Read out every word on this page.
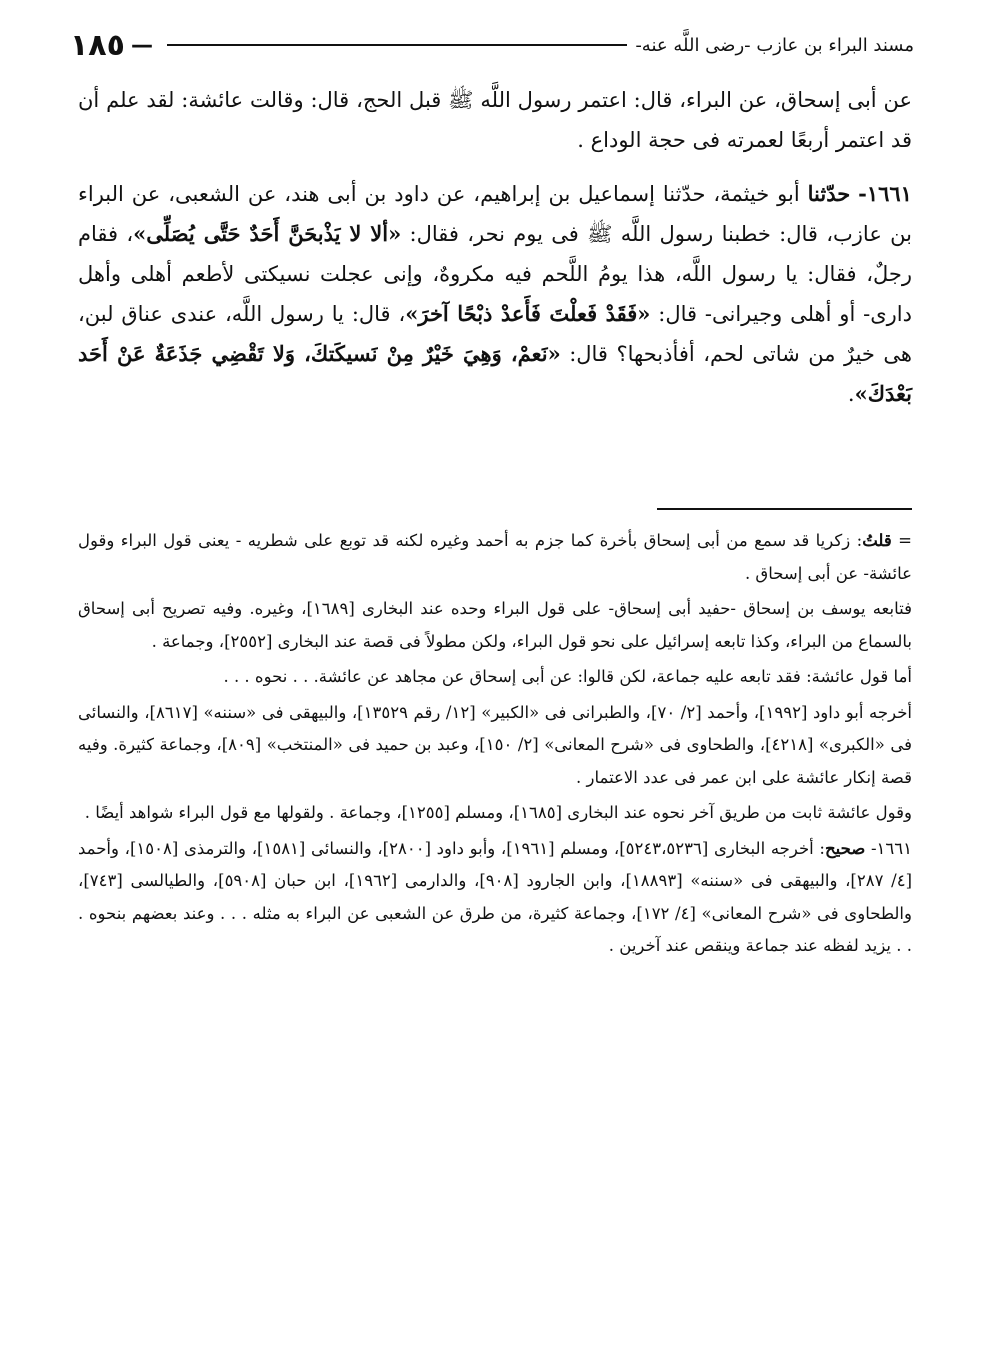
مسند البراء بن عازب -رضى اللَّه عنه-
—
١٨٥

عن أبى إسحاق، عن البراء، قال: اعتمر رسول اللَّه ﷺ قبل الحج، قال: وقالت عائشة: لقد علم أن قد اعتمر أربعًا لعمرته فى حجة الوداع .

١٦٦١- حدّثنا أبو خيثمة، حدّثنا إسماعيل بن إبراهيم، عن داود بن أبى هند، عن الشعبى، عن البراء بن عازب، قال: خطبنا رسول اللَّه ﷺ فى يوم نحر، فقال: «ألا لا يَذْبحَنَّ أَحَدٌ حَتَّى يُصَلِّى»، فقام رجلٌ، فقال: يا رسول اللَّه، هذا يومُ اللَّحم فيه مكروهٌ، وإنى عجلت نسيكتى لأطعم أهلى وأهل دارى- أو أهلى وجيرانى- قال: «فَقَدْ فَعلْتَ فَأَعدْ ذبْحًا آخرَ»، قال: يا رسول اللَّه، عندى عناق لبن، هى خيرٌ من شاتى لحم، أفأذبحها؟ قال: «نَعمْ، وَهِيَ خَيْرٌ مِنْ نَسيكَتكَ، وَلا تَقْضِي جَذَعَةٌ عَنْ أَحَد بَعْدَكَ».

= قلتُ: زكريا قد سمع من أبى إسحاق بأخرة كما جزم به أحمد وغيره لكنه قد توبع على شطريه - يعنى قول البراء وقول عائشة- عن أبى إسحاق .

فتابعه يوسف بن إسحاق -حفيد أبى إسحاق- على قول البراء وحده عند البخارى [١٦٨٩]، وغيره. وفيه تصريح أبى إسحاق بالسماع من البراء، وكذا تابعه إسرائيل على نحو قول البراء، ولكن مطولاً فى قصة عند البخارى [٢٥٥٢]، وجماعة .

أما قول عائشة: فقد تابعه عليه جماعة، لكن قالوا: عن أبى إسحاق عن مجاهد عن عائشة. . . نحوه . . .

أخرجه أبو داود [١٩٩٢]، وأحمد [٢/ ٧٠]، والطبرانى فى «الكبير» [١٢/ رقم ١٣٥٢٩]، والبيهقى فى «سننه» [٨٦١٧]، والنسائى فى «الكبرى» [٤٢١٨]، والطحاوى فى «شرح المعانى» [٢/ ١٥٠]، وعبد بن حميد فى «المنتخب» [٨٠٩]، وجماعة كثيرة. وفيه قصة إنكار عائشة على ابن عمر فى عدد الاعتمار .

وقول عائشة ثابت من طريق آخر نحوه عند البخارى [١٦٨٥]، ومسلم [١٢٥٥]، وجماعة . ولقولها مع قول البراء شواهد أيضًا .

١٦٦١- صحيح: أخرجه البخارى [٥٢٤٣،٥٢٣٦]، ومسلم [١٩٦١]، وأبو داود [٢٨٠٠]، والنسائى [١٥٨١]، والترمذى [١٥٠٨]، وأحمد [٤/ ٢٨٧]، والبيهقى فى «سننه» [١٨٨٩٣]، وابن الجارود [٩٠٨]، والدارمى [١٩٦٢]، ابن حبان [٥٩٠٨]، والطيالسى [٧٤٣]، والطحاوى فى «شرح المعانى» [٤/ ١٧٢]، وجماعة كثيرة، من طرق عن الشعبى عن البراء به مثله . . . وعند بعضهم بنحوه . . . يزيد لفظه عند جماعة وينقص عند آخرين .
